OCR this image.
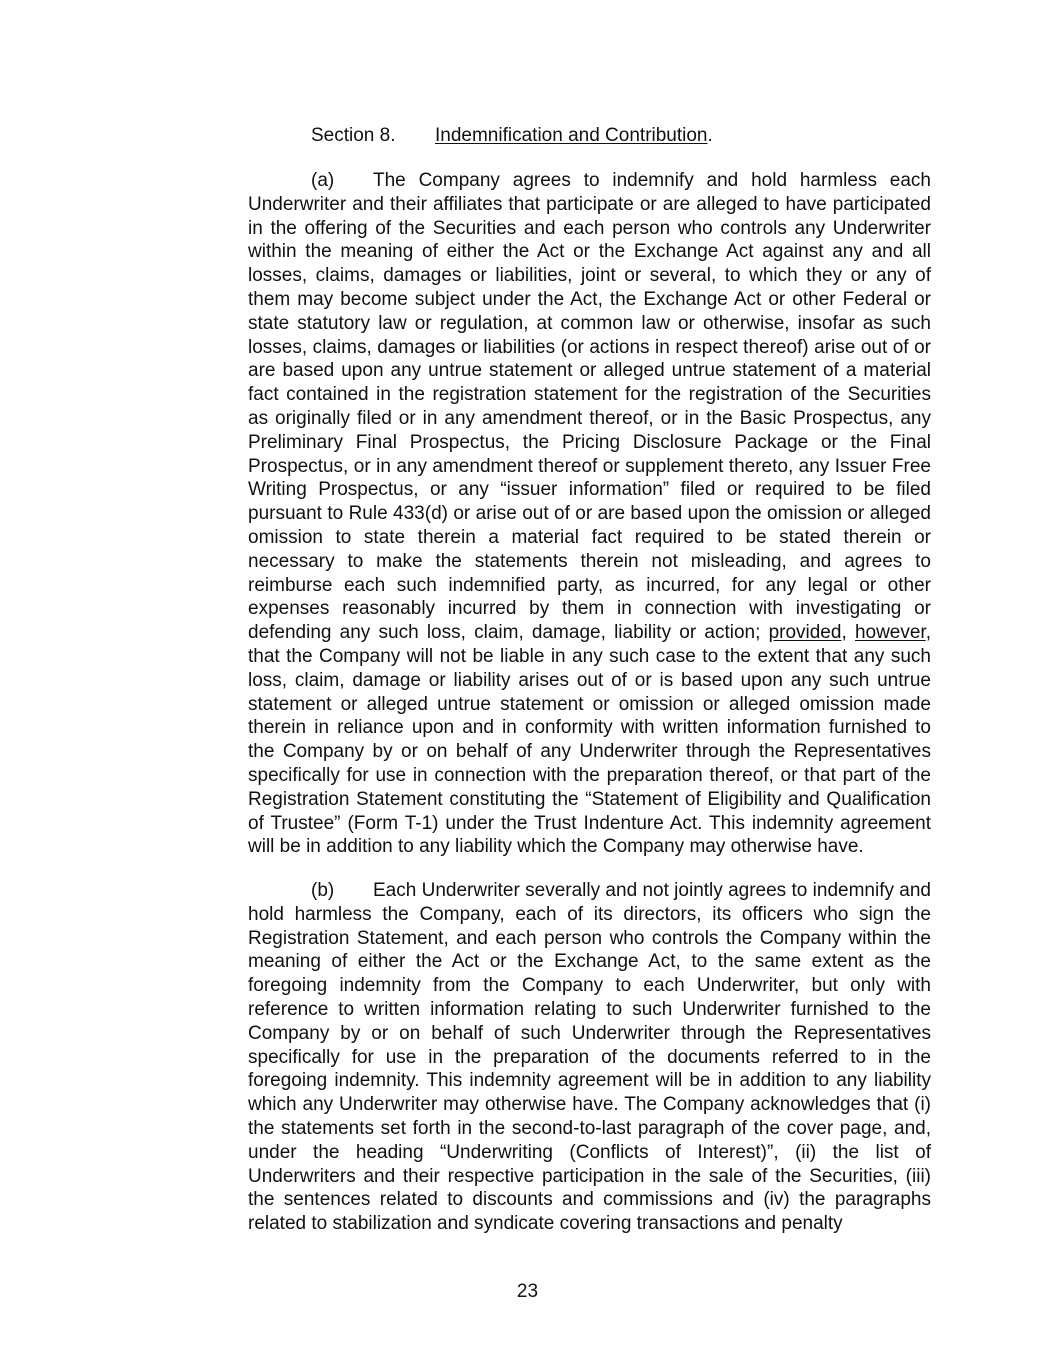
Section 8. Indemnification and Contribution.

(a) The Company agrees to indemnify and hold harmless each Underwriter and their affiliates that participate or are alleged to have participated in the offering of the Securities and each person who controls any Underwriter within the meaning of either the Act or the Exchange Act against any and all losses, claims, damages or liabilities, joint or several, to which they or any of them may become subject under the Act, the Exchange Act or other Federal or state statutory law or regulation, at common law or otherwise, insofar as such losses, claims, damages or liabilities (or actions in respect thereof) arise out of or are based upon any untrue statement or alleged untrue statement of a material fact contained in the registration statement for the registration of the Securities as originally filed or in any amendment thereof, or in the Basic Prospectus, any Preliminary Final Prospectus, the Pricing Disclosure Package or the Final Prospectus, or in any amendment thereof or supplement thereto, any Issuer Free Writing Prospectus, or any “issuer information” filed or required to be filed pursuant to Rule 433(d) or arise out of or are based upon the omission or alleged omission to state therein a material fact required to be stated therein or necessary to make the statements therein not misleading, and agrees to reimburse each such indemnified party, as incurred, for any legal or other expenses reasonably incurred by them in connection with investigating or defending any such loss, claim, damage, liability or action; provided, however, that the Company will not be liable in any such case to the extent that any such loss, claim, damage or liability arises out of or is based upon any such untrue statement or alleged untrue statement or omission or alleged omission made therein in reliance upon and in conformity with written information furnished to the Company by or on behalf of any Underwriter through the Representatives specifically for use in connection with the preparation thereof, or that part of the Registration Statement constituting the “Statement of Eligibility and Qualification of Trustee” (Form T-1) under the Trust Indenture Act. This indemnity agreement will be in addition to any liability which the Company may otherwise have.

(b) Each Underwriter severally and not jointly agrees to indemnify and hold harmless the Company, each of its directors, its officers who sign the Registration Statement, and each person who controls the Company within the meaning of either the Act or the Exchange Act, to the same extent as the foregoing indemnity from the Company to each Underwriter, but only with reference to written information relating to such Underwriter furnished to the Company by or on behalf of such Underwriter through the Representatives specifically for use in the preparation of the documents referred to in the foregoing indemnity. This indemnity agreement will be in addition to any liability which any Underwriter may otherwise have. The Company acknowledges that (i) the statements set forth in the second-to-last paragraph of the cover page, and, under the heading “Underwriting (Conflicts of Interest)”, (ii) the list of Underwriters and their respective participation in the sale of the Securities, (iii) the sentences related to discounts and commissions and (iv) the paragraphs related to stabilization and syndicate covering transactions and penalty

23
